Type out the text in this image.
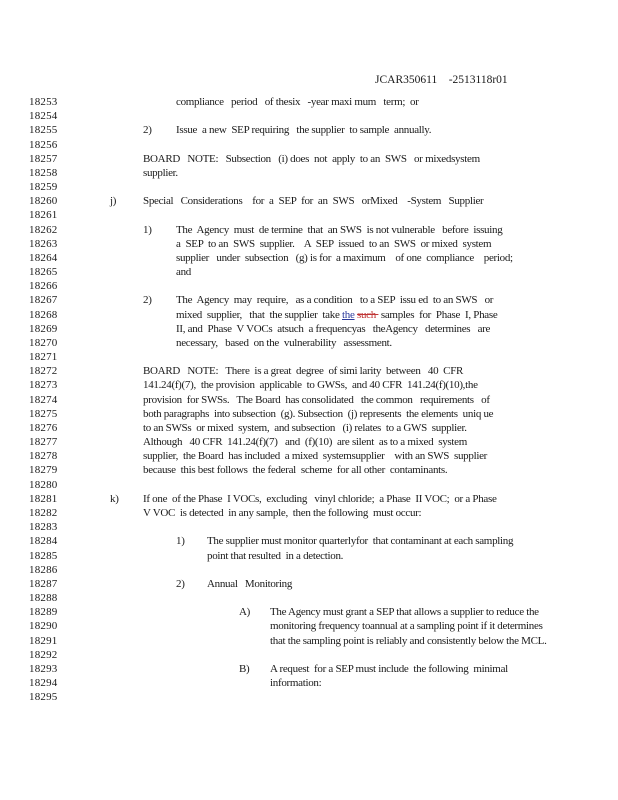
JCAR350611    -2513118r01
18253	compliance   period   of thesix   -year maxi mum   term;  or
18254
18255	2) Issue  a new  SEP requiring   the supplier  to sample  annually.
18256
18257	BOARD   NOTE:   Subsection   (i) does  not  apply  to an  SWS   or mixedsystem
18258	supplier.
18259
18260	j) Special   Considerations    for  a  SEP  for  an  SWS   orMixed    -System   Supplier
18261
18262	1) The  Agency  must  de termine  that  an SWS  is not vulnerable   before  issuing
18263	a  SEP  to an  SWS  supplier.    A  SEP  issued  to an  SWS  or mixed  system
18264	supplier   under  subsection   (g) is for  a maximum    of one  compliance    period;
18265	and
18266
18267	2) The  Agency  may  require,   as a condition   to a SEP  issu ed  to an SWS   or
18268	mixed  supplier,   that  the supplier  take the such  samples  for  Phase  I, Phase
18269	II, and  Phase  V VOCs  atsuch  a frequencyas   theAgency   determines   are
18270	necessary,   based  on the  vulnerability   assessment.
18271
18272	BOARD   NOTE:   There  is a great  degree  of simi larity  between   40  CFR
18273	141.24(f)(7),  the provision  applicable  to GWSs,  and 40 CFR  141.24(f)(10),the
18274	provision  for SWSs.   The Board  has consolidated   the common   requirements   of
18275	both paragraphs  into subsection  (g). Subsection  (j) represents  the elements  uniq ue
18276	to an SWSs  or mixed  system,  and subsection   (i) relates  to a GWS  supplier.
18277	Although   40 CFR  141.24(f)(7)   and  (f)(10)  are silent  as to a mixed  system
18278	supplier,  the Board  has included  a mixed  systemsupplier    with an SWS  supplier
18279	because  this best follows  the federal  scheme  for all other  contaminants.
18280
18281	k) If one  of the Phase  I VOCs,  excluding   vinyl chloride;  a Phase  II VOC;  or a Phase
18282	V VOC  is detected  in any sample,  then the following  must occur:
18283
18284	1) The supplier must monitor quarterlyfor  that contaminant at each sampling
18285	point that resulted  in a detection.
18286
18287	2) Annual   Monitoring
18288
18289	A) The Agency must grant a SEP that allows a supplier to reduce the
18290	monitoring frequency toannual at a sampling point if it determines
18291	that the sampling point is reliably and consistently below the MCL.
18292
18293	B) A request  for a SEP must include  the following  minimal
18294	information:
18295
